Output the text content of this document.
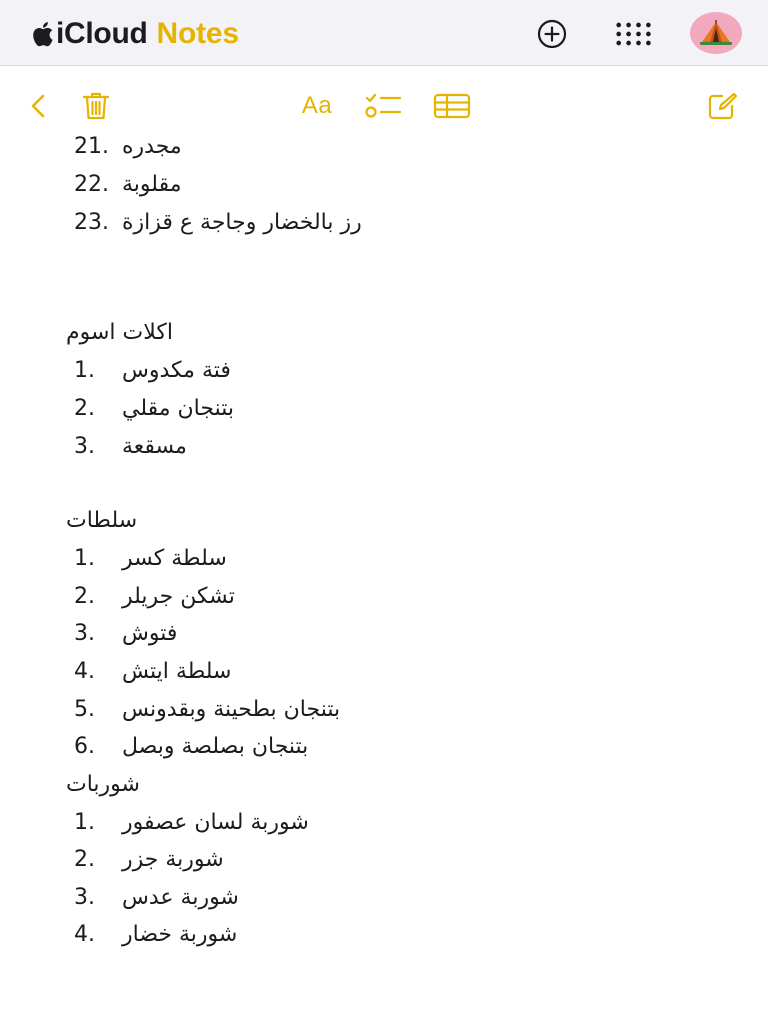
iCloud Notes
Aa
21. مجدره
22. مقلوبة
23. رز بالخضار وجاجة ع قزازة
اكلات اسوم
1.	فتة مكدوس
2.	بتنجان مقلي
3.	مسقعة
سلطات
1.	سلطة كسر
2.	تشكن جريلر
3.	فتوش
4.	سلطة ايتش
5.	بتنجان بطحينة وبقدونس
6.	بتنجان بصلصة وبصل
شوربات
1.	شوربة لسان عصفور
2.	شوربة جزر
3.	شوربة عدس
4.	شوربة خضار
